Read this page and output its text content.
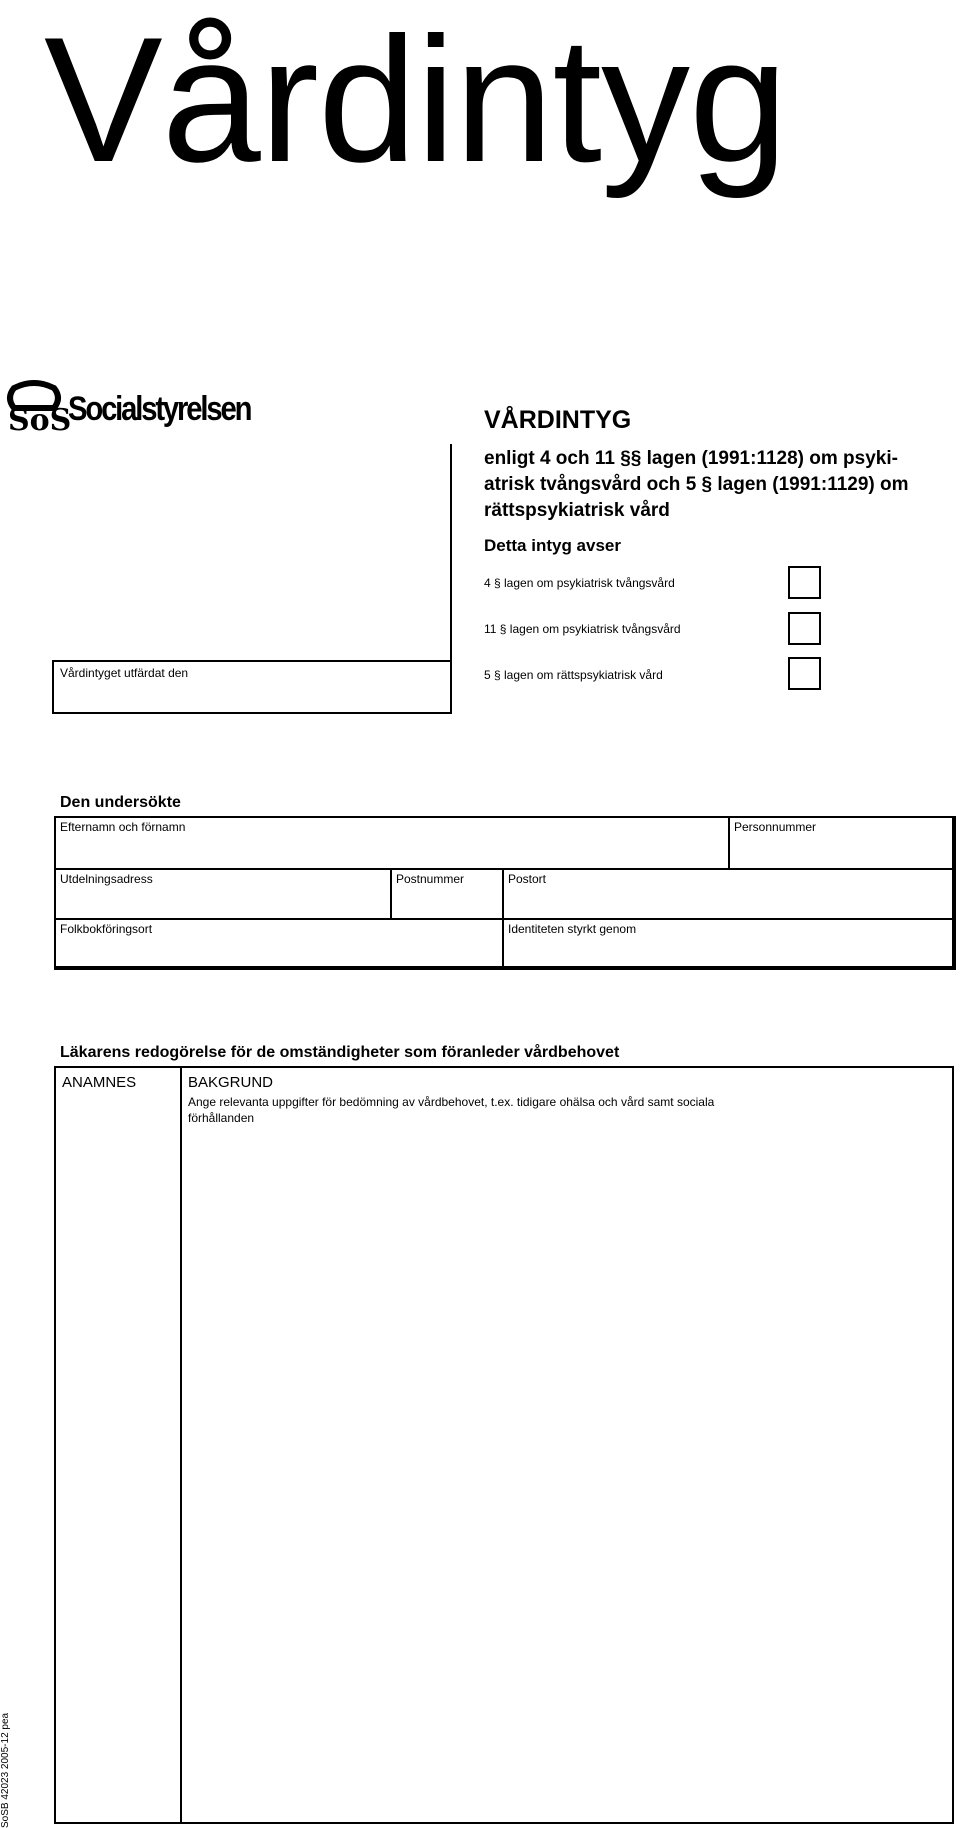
Vårdintyg
SoS
Socialstyrelsen	VÅRDINTYG
enligt 4 och 11 §§ lagen (1991:1128) om psyki-atrisk tvångsvård och 5 § lagen (1991:1129) om rättspsykiatrisk vård
Detta intyg avser
4 § lagen om psykiatrisk tvångsvård
11 § lagen om psykiatrisk tvångsvård
5 § lagen om rättspsykiatrisk vård
Vårdintyget utfärdat den
Den undersökte
Efternamn och förnamn	Personnummer
Utdelningsadress	Postnummer	Postort
Folkbokföringsort	Identiteten styrkt genom
Läkarens redogörelse för de omständigheter som föranleder vårdbehovet
ANAMNES	BAKGRUND
Ange relevanta uppgifter för bedömning av vårdbehovet, t.ex. tidigare ohälsa och vård samt sociala förhållanden
SoSB 42023 2005-12 pea
